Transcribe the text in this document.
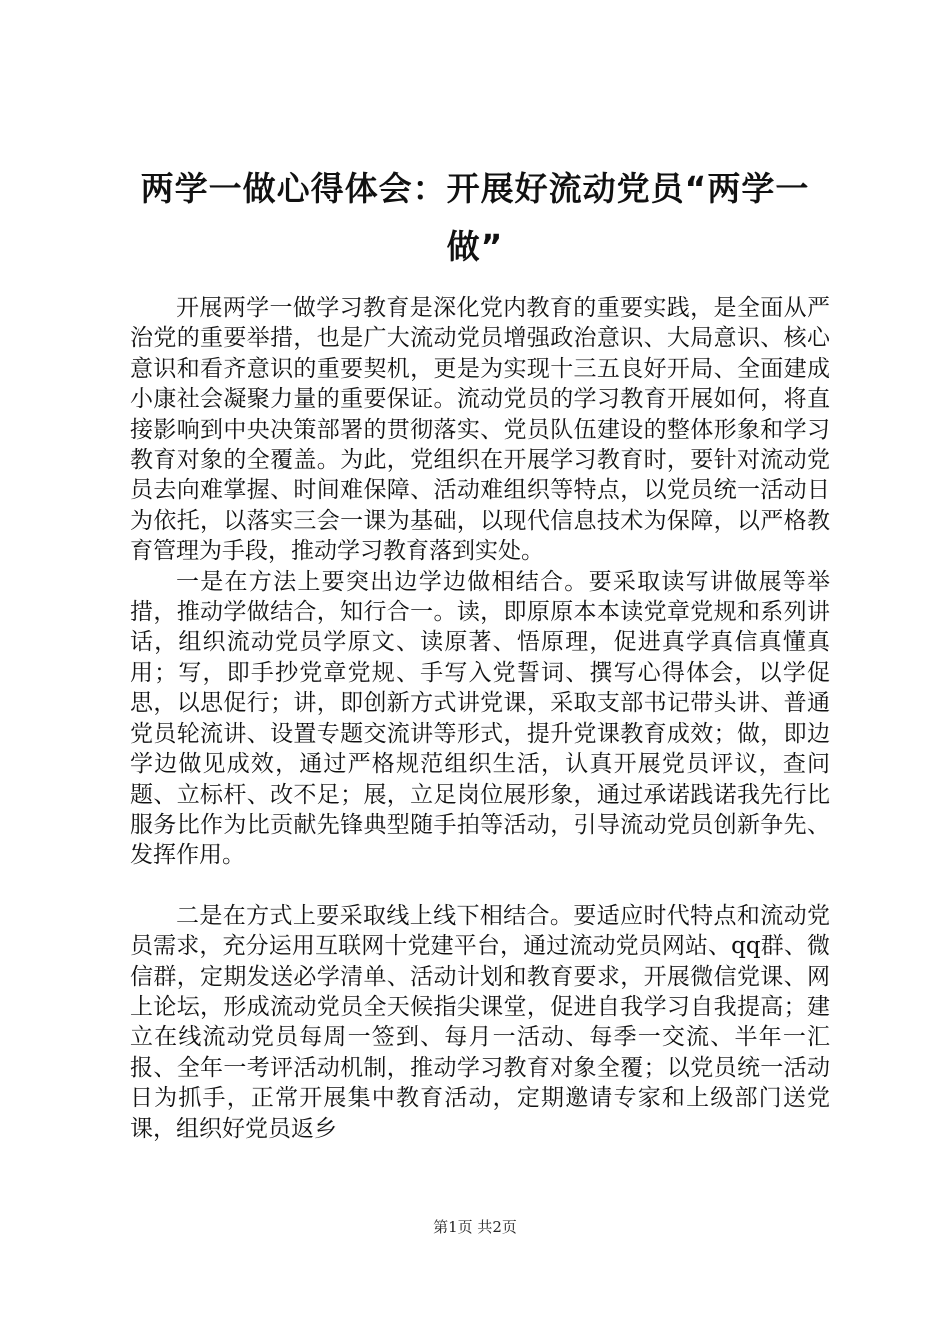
两学一做心得体会：开展好流动党员“两学一做”

开展两学一做学习教育是深化党内教育的重要实践，是全面从严治党的重要举措，也是广大流动党员增强政治意识、大局意识、核心意识和看齐意识的重要契机，更是为实现十三五良好开局、全面建成小康社会凝聚力量的重要保证。流动党员的学习教育开展如何，将直接影响到中央决策部署的贯彻落实、党员队伍建设的整体形象和学习教育对象的全覆盖。为此，党组织在开展学习教育时，要针对流动党员去向难掌握、时间难保障、活动难组织等特点，以党员统一活动日为依托，以落实三会一课为基础，以现代信息技术为保障，以严格教育管理为手段，推动学习教育落到实处。

一是在方法上要突出边学边做相结合。要采取读写讲做展等举措，推动学做结合，知行合一。读，即原原本本读党章党规和系列讲话，组织流动党员学原文、读原著、悟原理，促进真学真信真懂真用；写，即手抄党章党规、手写入党誓词、撰写心得体会，以学促思，以思促行；讲，即创新方式讲党课，采取支部书记带头讲、普通党员轮流讲、设置专题交流讲等形式，提升党课教育成效；做，即边学边做见成效，通过严格规范组织生活，认真开展党员评议，查问题、立标杆、改不足；展，立足岗位展形象，通过承诺践诺我先行比服务比作为比贡献先锋典型随手拍等活动，引导流动党员创新争先、发挥作用。

二是在方式上要采取线上线下相结合。要适应时代特点和流动党员需求，充分运用互联网十党建平台，通过流动党员网站、qq群、微信群，定期发送必学清单、活动计划和教育要求，开展微信党课、网上论坛，形成流动党员全天候指尖课堂，促进自我学习自我提高；建立在线流动党员每周一签到、每月一活动、每季一交流、半年一汇报、全年一考评活动机制，推动学习教育对象全覆；以党员统一活动日为抓手，正常开展集中教育活动，定期邀请专家和上级部门送党课，组织好党员返乡

第1页 共2页
